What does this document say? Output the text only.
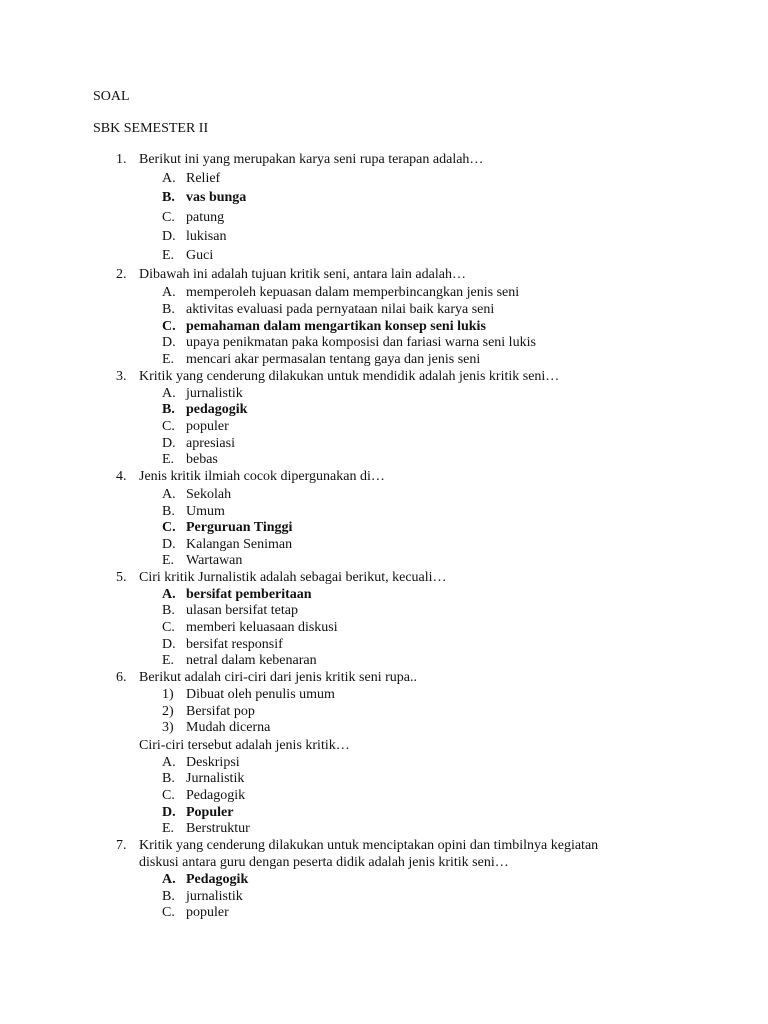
SOAL
SBK SEMESTER II
1. Berikut ini yang merupakan karya seni rupa terapan adalah…
A. Relief
B. vas bunga
C. patung
D. lukisan
E. Guci
2. Dibawah ini adalah tujuan kritik seni, antara lain adalah…
A. memperoleh kepuasan dalam memperbincangkan jenis seni
B. aktivitas evaluasi pada pernyataan nilai baik karya seni
C. pemahaman dalam mengartikan konsep seni lukis
D. upaya penikmatan paka komposisi dan fariasi warna seni lukis
E. mencari akar permasalan tentang gaya dan jenis seni
3. Kritik yang cenderung dilakukan untuk mendidik adalah jenis kritik seni…
A. jurnalistik
B. pedagogik
C. populer
D. apresiasi
E. bebas
4. Jenis kritik ilmiah cocok dipergunakan di…
A. Sekolah
B. Umum
C. Perguruan Tinggi
D. Kalangan Seniman
E. Wartawan
5. Ciri kritik Jurnalistik adalah sebagai berikut, kecuali…
A. bersifat pemberitaan
B. ulasan bersifat tetap
C. memberi keluasaan diskusi
D. bersifat responsif
E. netral dalam kebenaran
6. Berikut adalah ciri-ciri dari jenis kritik seni rupa..
1) Dibuat oleh penulis umum
2) Bersifat pop
3) Mudah dicerna
Ciri-ciri tersebut adalah jenis kritik…
A. Deskripsi
B. Jurnalistik
C. Pedagogik
D. Populer
E. Berstruktur
7. Kritik yang cenderung dilakukan untuk menciptakan opini dan timbilnya kegiatan
diskusi antara guru dengan peserta didik adalah jenis kritik seni…
A. Pedagogik
B. jurnalistik
C. populer
